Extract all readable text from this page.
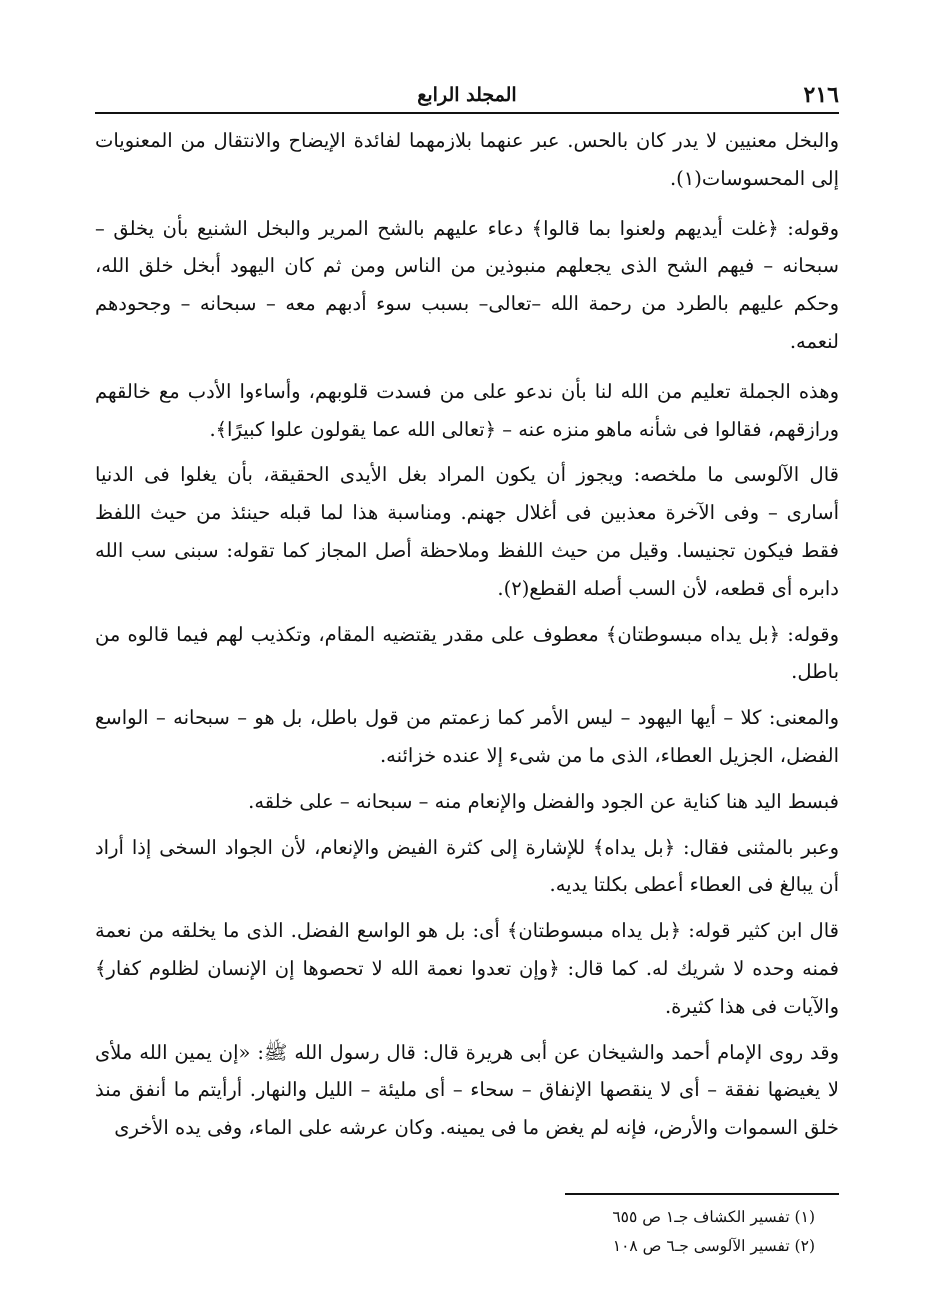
٢١٦
المجلد الرابع

والبخل معنيين لا يدر كان بالحس. عبر عنهما بلازمهما لفائدة الإيضاح والانتقال من المعنويات إلى المحسوسات(١).

وقوله: ﴿غلت أيديهم ولعنوا بما قالوا﴾ دعاء عليهم بالشح المرير والبخل الشنيع بأن يخلق – سبحانه – فيهم الشح الذى يجعلهم منبوذين من الناس ومن ثم كان اليهود أبخل خلق الله، وحكم عليهم بالطرد من رحمة الله –تعالى– بسبب سوء أدبهم معه – سبحانه – وجحودهم لنعمه.

وهذه الجملة تعليم من الله لنا بأن ندعو على من فسدت قلوبهم، وأساءوا الأدب مع خالقهم ورازقهم، فقالوا فى شأنه ماهو منزه عنه – ﴿تعالى الله عما يقولون علوا كبيرًا﴾.

قال الآلوسى ما ملخصه: ويجوز أن يكون المراد بغل الأيدى الحقيقة، بأن يغلوا فى الدنيا أسارى – وفى الآخرة معذبين فى أغلال جهنم. ومناسبة هذا لما قبله حينئذ من حيث اللفظ فقط فيكون تجنيسا. وقيل من حيث اللفظ وملاحظة أصل المجاز كما تقوله: سبنى سب الله دابره أى قطعه، لأن السب أصله القطع(٢).

وقوله: ﴿بل يداه مبسوطتان﴾ معطوف على مقدر يقتضيه المقام، وتكذيب لهم فيما قالوه من باطل.

والمعنى: كلا – أيها اليهود – ليس الأمر كما زعمتم من قول باطل، بل هو – سبحانه – الواسع الفضل، الجزيل العطاء، الذى ما من شىء إلا عنده خزائنه.

فبسط اليد هنا كناية عن الجود والفضل والإنعام منه – سبحانه – على خلقه.

وعبر بالمثنى فقال: ﴿بل يداه﴾ للإشارة إلى كثرة الفيض والإنعام، لأن الجواد السخى إذا أراد أن يبالغ فى العطاء أعطى بكلتا يديه.

قال ابن كثير قوله: ﴿بل يداه مبسوطتان﴾ أى: بل هو الواسع الفضل. الذى ما يخلقه من نعمة فمنه وحده لا شريك له. كما قال: ﴿وإن تعدوا نعمة الله لا تحصوها إن الإنسان لظلوم كفار﴾ والآيات فى هذا كثيرة.

وقد روى الإمام أحمد والشيخان عن أبى هريرة قال: قال رسول الله ﷺ: «إن يمين الله ملأى لا يغيضها نفقة – أى لا ينقصها الإنفاق – سحاء – أى مليئة – الليل والنهار. أرأيتم ما أنفق منذ خلق السموات والأرض، فإنه لم يغض ما فى يمينه. وكان عرشه على الماء، وفى يده الأخرى

(١) تفسير الكشاف جـ١ ص ٦٥٥
(٢) تفسير الآلوسى جـ٦ ص ١٠٨
